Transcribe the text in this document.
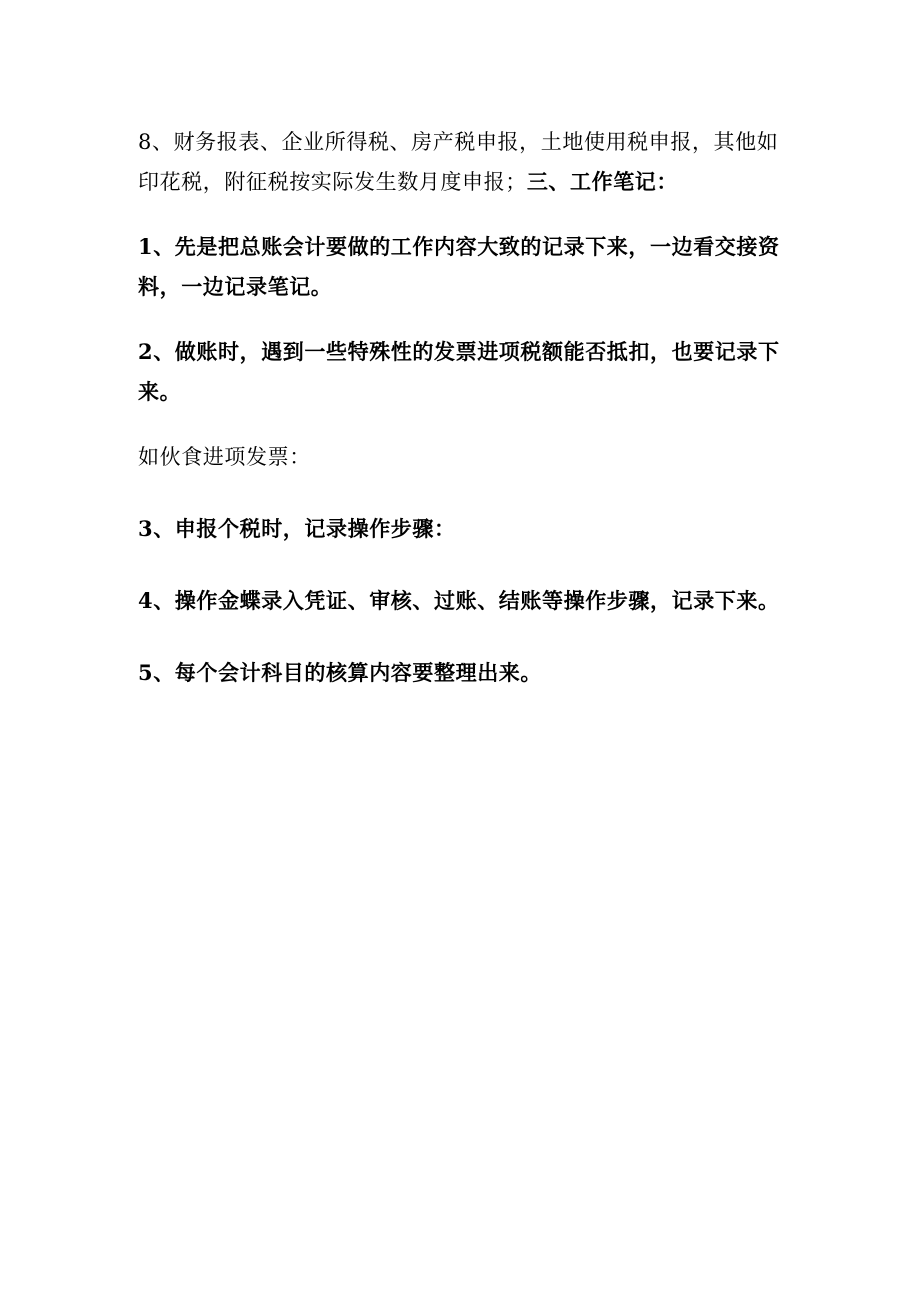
8、财务报表、企业所得税、房产税申报，土地使用税申报，其他如印花税，附征税按实际发生数月度申报；三、工作笔记：

1、先是把总账会计要做的工作内容大致的记录下来，一边看交接资料，一边记录笔记。

2、做账时，遇到一些特殊性的发票进项税额能否抵扣，也要记录下来。

如伙食进项发票：

3、申报个税时，记录操作步骤：

4、操作金蝶录入凭证、审核、过账、结账等操作步骤，记录下来。

5、每个会计科目的核算内容要整理出来。
